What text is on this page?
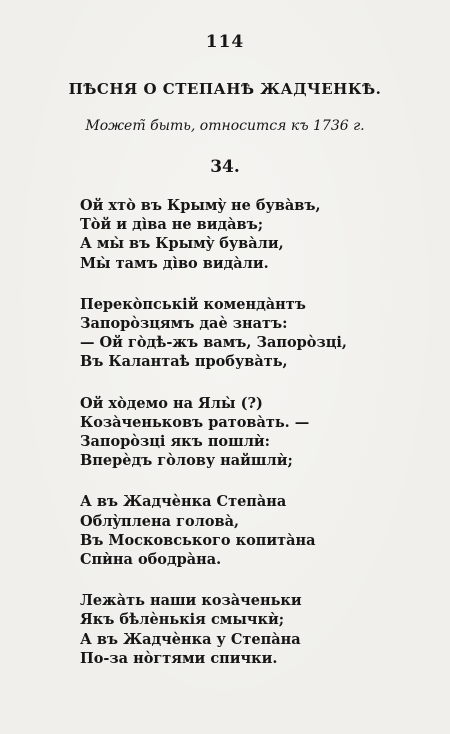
114
ПѢСНЯ О СТЕПАНѢ ЖАДЧЕНКѢ.
Может̃ быть, относится къ 1736 г.
34.
Ой хто̀ въ Крымỳ не бува̀въ,
То̀й и ді̀ва не вида̀въ;
А мы̀ въ Крымỳ бува̀ли,
Мы̀ тамъ ді̀во вида̀ли.
Переко̀пській коменда̀нтъ
Запорòзцямъ даѐ знатъ:
— Ой го̀дѣ-жъ вамъ, Запорòзці,
Въ Калантаѣ пробува̀ть,
Ой хо̀демо на Ялы̀ (?)
Коза̀ченьковъ ратова̀ть. —
Запорòзці якъ пошлѝ:
Вперѐдъ гòлову найшлѝ;
А въ Жадчѐнка Степа̀на
Облỳплена голова̀,
Въ Московського копита̀на
Спѝна ободра̀на.
Лежа̀ть наши коза̀ченьки
Якъ бѣлѐнькія смычкѝ;
А въ Жадчѐнка у Степа̀на
По-за нòгтями спички.
